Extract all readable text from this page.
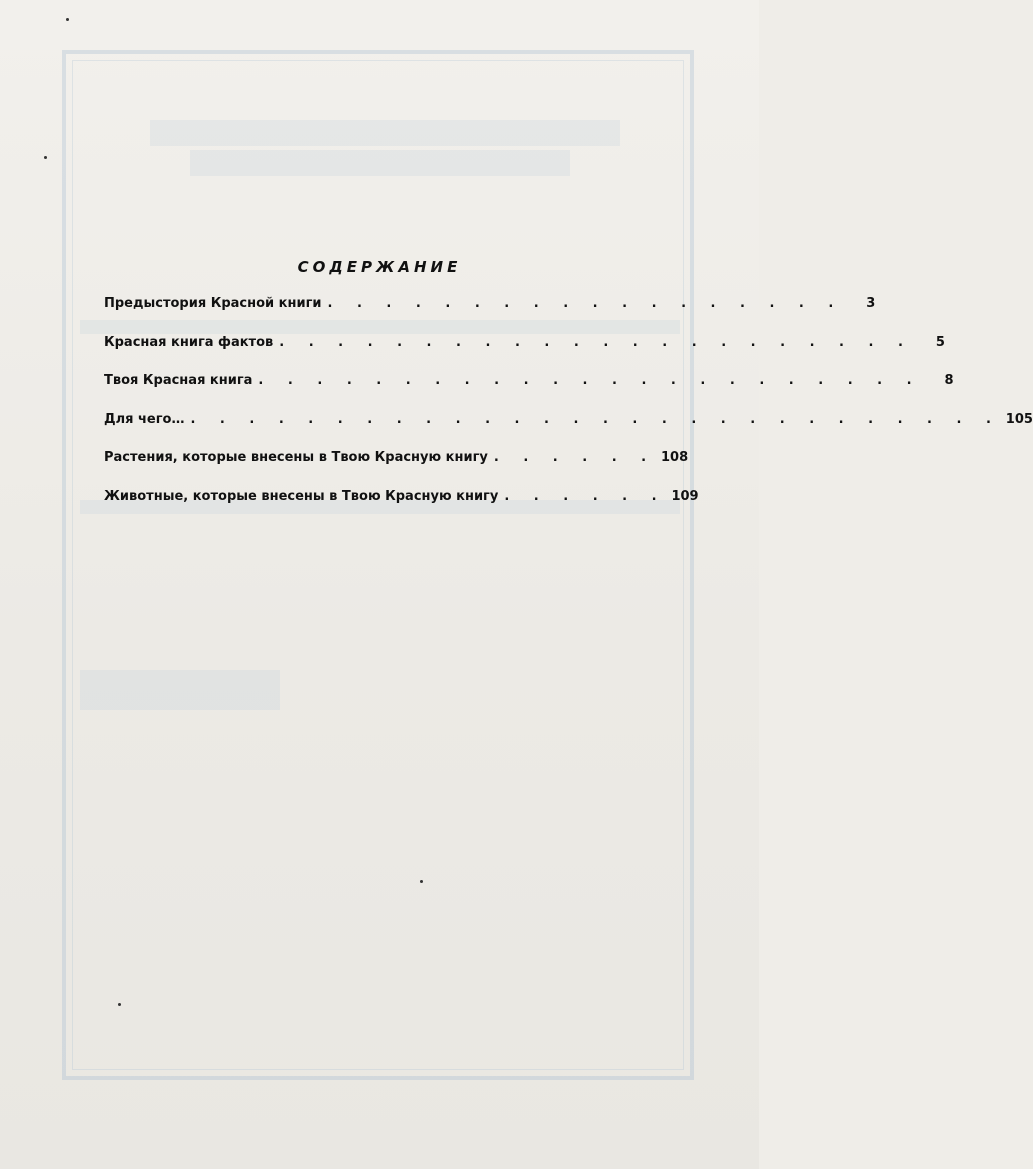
СОДЕРЖАНИЕ
Предыстория Красной книги . . . . . . . . . . . . . . . . . .	3
Красная книга фактов . . . . . . . . . . . . . . . . . . . . . .	5
Твоя Красная книга . . . . . . . . . . . . . . . . . . . . . . .	8
Для чего… . . . . . . . . . . . . . . . . . . . . . . . . . . . . 105
Растения, которые внесены в Твою Красную книгу . . . . . . 108
Животные, которые внесены в Твою Красную книгу . . . . . . 109
